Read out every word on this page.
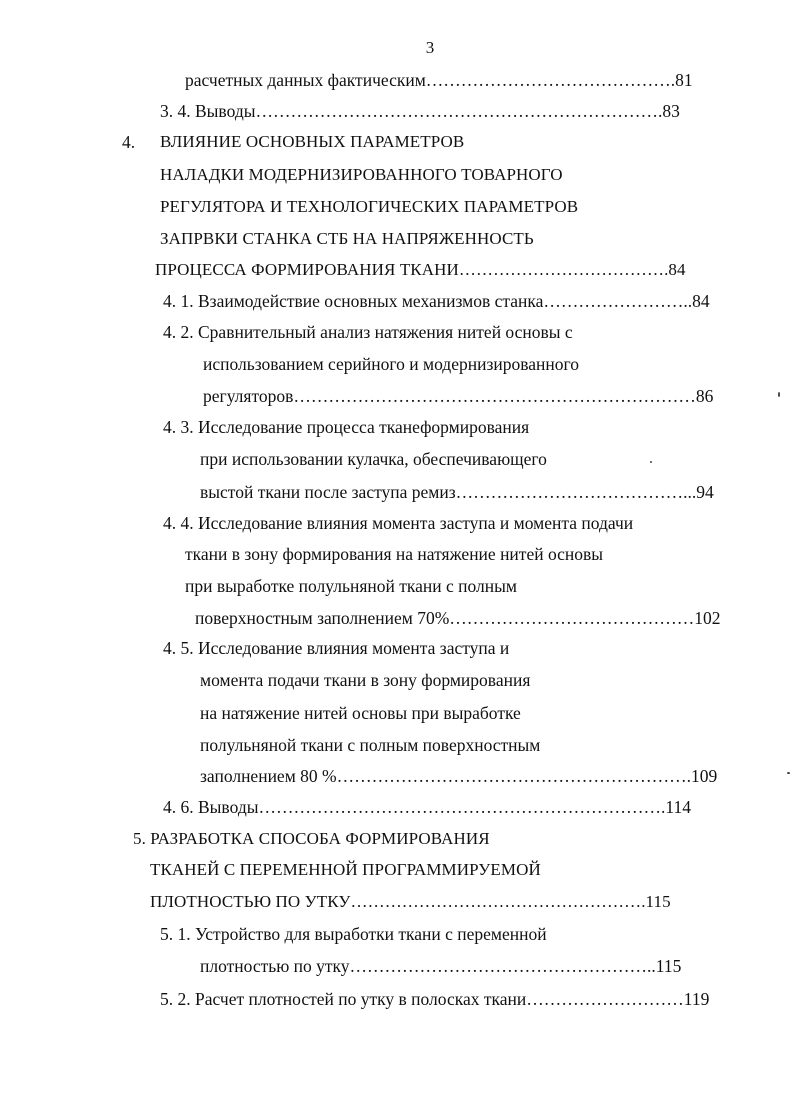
3
расчетных данных фактическим…………………………………….81
3. 4. Выводы…………………………………………………………….83
4. ВЛИЯНИЕ ОСНОВНЫХ ПАРАМЕТРОВ
НАЛАДКИ МОДЕРНИЗИРОВАННОГО ТОВАРНОГО
РЕГУЛЯТОРА И ТЕХНОЛОГИЧЕСКИХ ПАРАМЕТРОВ
ЗАПРВКИ СТАНКА СТБ НА НАПРЯЖЕННОСТЬ
ПРОЦЕССА ФОРМИРОВАНИЯ ТКАНИ……………………………….84
4. 1. Взаимодействие основных механизмов станка……………………..84
4. 2. Сравнительный анализ натяжения нитей основы с
использованием серийного и модернизированного
регуляторов……………………………………………………………86
4. 3. Исследование процесса тканеформирования
при использовании кулачка, обеспечивающего
выстой ткани после заступа ремиз…………………………………...94
4. 4. Исследование влияния момента заступа и момента подачи
ткани в зону формирования на натяжение нитей основы
при выработке полульняной ткани с полным
поверхностным заполнением 70%……………………………………102
4. 5. Исследование влияния момента заступа и
момента подачи ткани в зону формирования
на натяжение нитей основы при выработке
полульняной ткани с полным поверхностным
заполнением 80 %…………………………………………………….109
4. 6. Выводы…………………………………………………………….114
5. РАЗРАБОТКА СПОСОБА ФОРМИРОВАНИЯ
ТКАНЕЙ С ПЕРЕМЕННОЙ ПРОГРАММИРУЕМОЙ
ПЛОТНОСТЬЮ ПО УТКУ…………………………………………….115
5. 1. Устройство для выработки ткани с переменной
плотностью по утку……………………………………………..115
5. 2. Расчет плотностей по утку в полосках ткани………………………119
